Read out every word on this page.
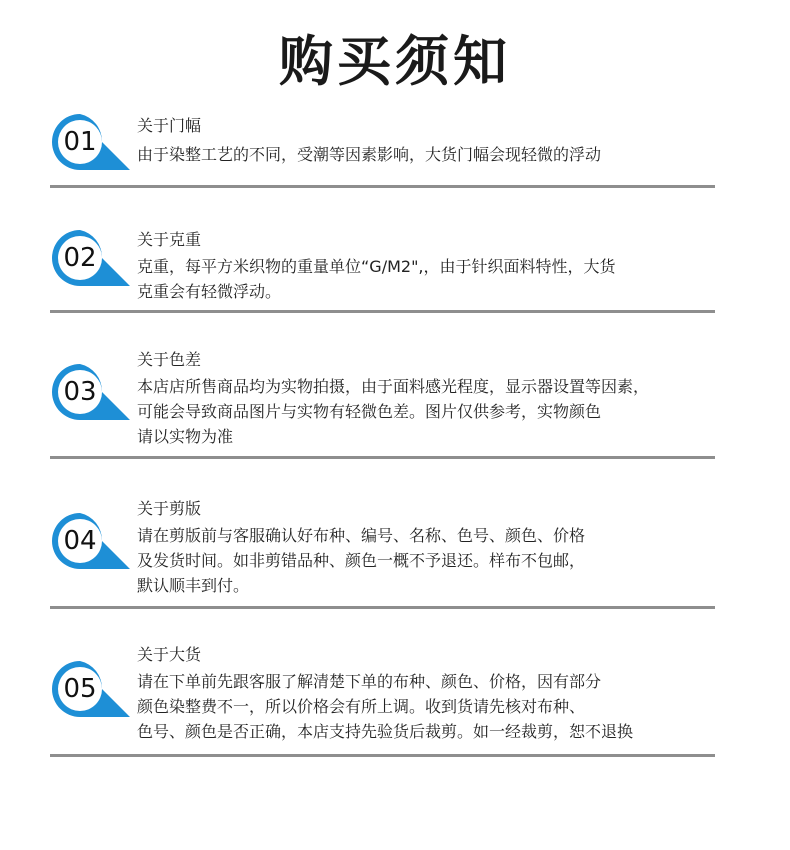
购买须知
01
关于门幅
由于染整工艺的不同，受潮等因素影响，大货门幅会现轻微的浮动
02
关于克重
克重，每平方米织物的重量单位“G/M2",，由于针织面料特性，大货
克重会有轻微浮动。
03
关于色差
本店店所售商品均为实物拍摄，由于面料感光程度，显示器设置等因素，
可能会导致商品图片与实物有轻微色差。图片仅供参考，实物颜色
请以实物为准
04
关于剪版
请在剪版前与客服确认好布种、编号、名称、色号、颜色、价格
及发货时间。如非剪错品种、颜色一概不予退还。样布不包邮，
默认顺丰到付。
05
关于大货
请在下单前先跟客服了解清楚下单的布种、颜色、价格，因有部分
颜色染整费不一，所以价格会有所上调。收到货请先核对布种、
色号、颜色是否正确，本店支持先验货后裁剪。如一经裁剪，恕不退换
